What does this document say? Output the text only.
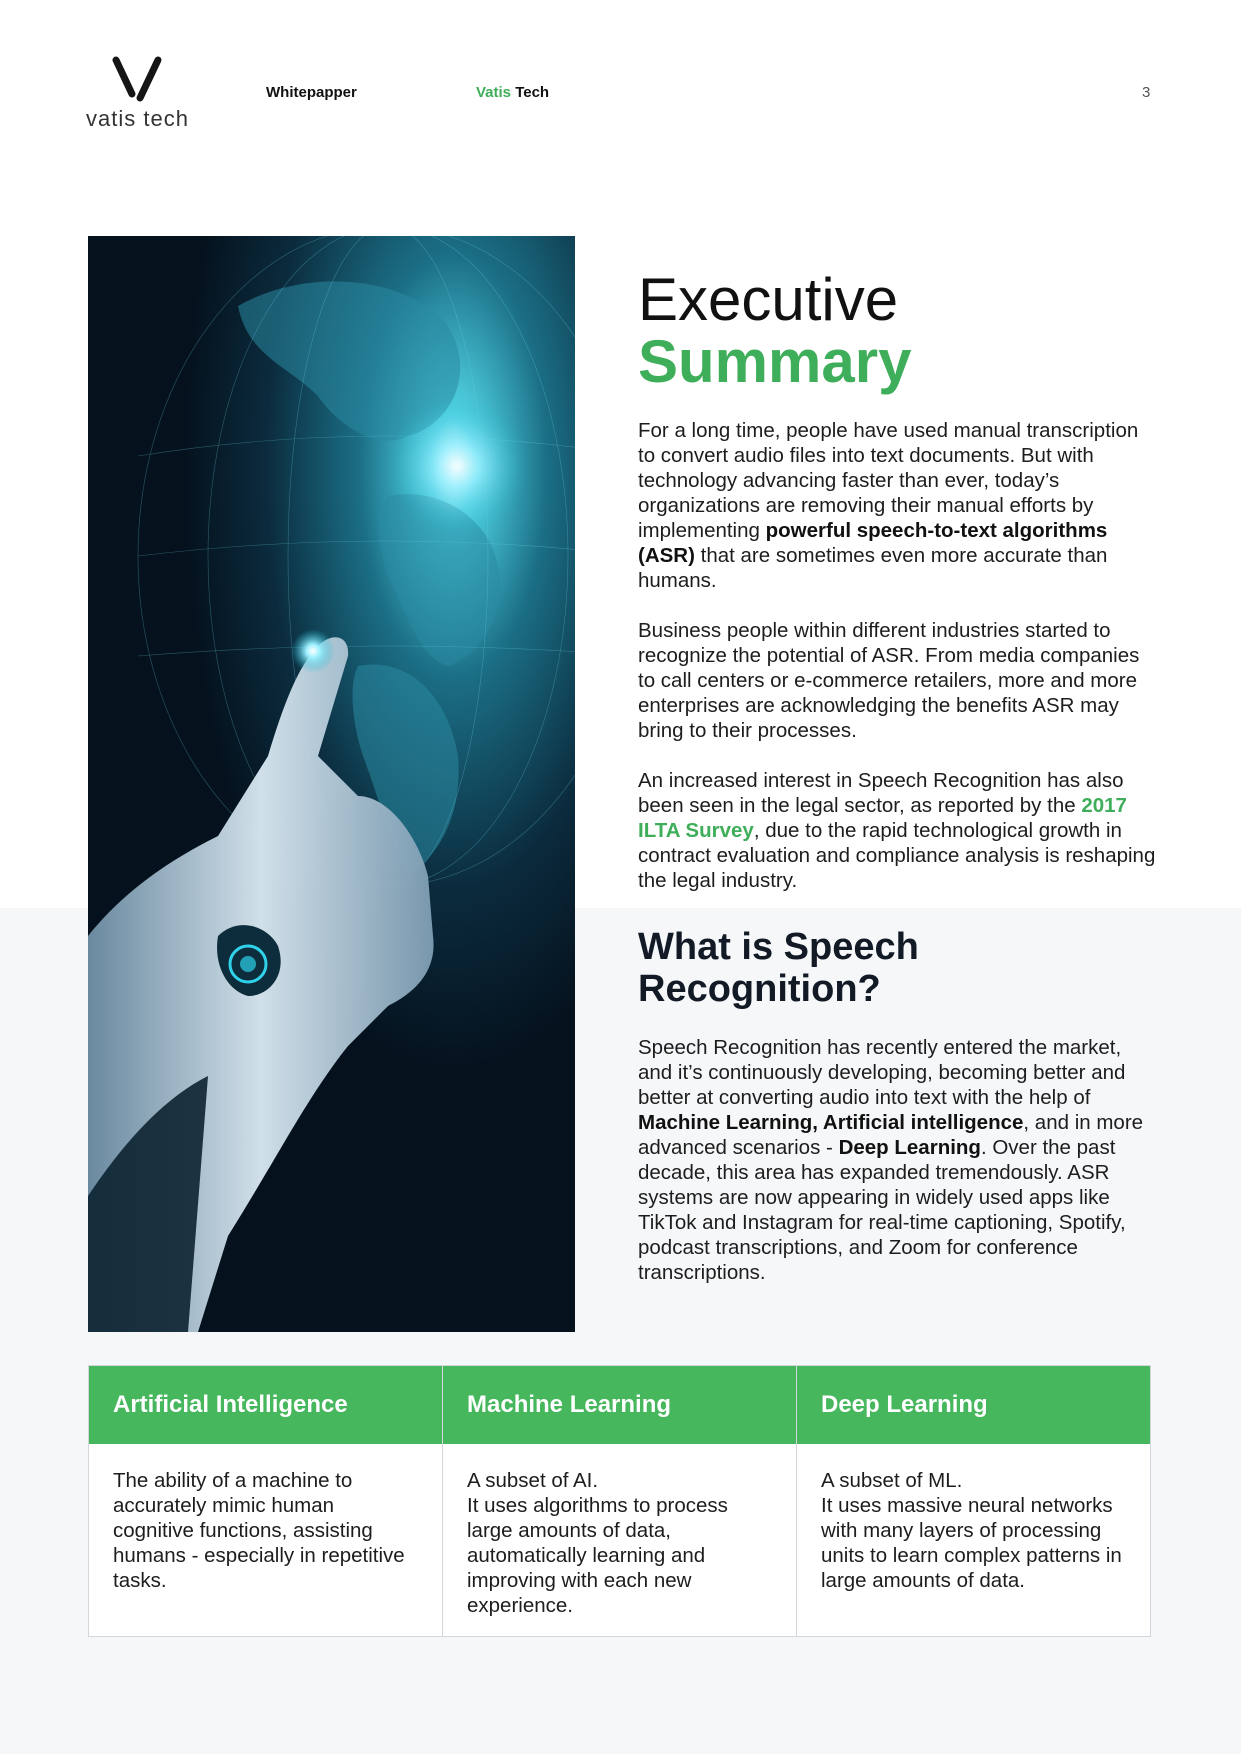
vatis tech
Whitepapper	Vatis Tech	3
Executive
Summary

For a long time, people have used manual transcription to convert audio files into text documents. But with technology advancing faster than ever, today’s organizations are removing their manual efforts by implementing powerful speech-to-text algorithms (ASR) that are sometimes even more accurate than humans.

Business people within different industries started to recognize the potential of ASR. From media companies to call centers or e-commerce retailers, more and more enterprises are acknowledging the benefits ASR may bring to their processes.

An increased interest in Speech Recognition has also been seen in the legal sector, as reported by the 2017 ILTA Survey, due to the rapid technological growth in contract evaluation and compliance analysis is reshaping the legal industry.

What is Speech Recognition?

Speech Recognition has recently entered the market, and it’s continuously developing, becoming better and better at converting audio into text with the help of Machine Learning, Artificial intelligence, and in more advanced scenarios - Deep Learning. Over the past decade, this area has expanded tremendously. ASR systems are now appearing in widely used apps like TikTok and Instagram for real-time captioning, Spotify, podcast transcriptions, and Zoom for conference transcriptions.

Artificial Intelligence
The ability of a machine to accurately mimic human cognitive functions, assisting humans - especially in repetitive tasks.
Machine Learning
A subset of AI.
It uses algorithms to process large amounts of data, automatically learning and improving with each new experience.
Deep Learning
A subset of ML.
It uses massive neural networks with many layers of processing units to learn complex patterns in large amounts of data.
